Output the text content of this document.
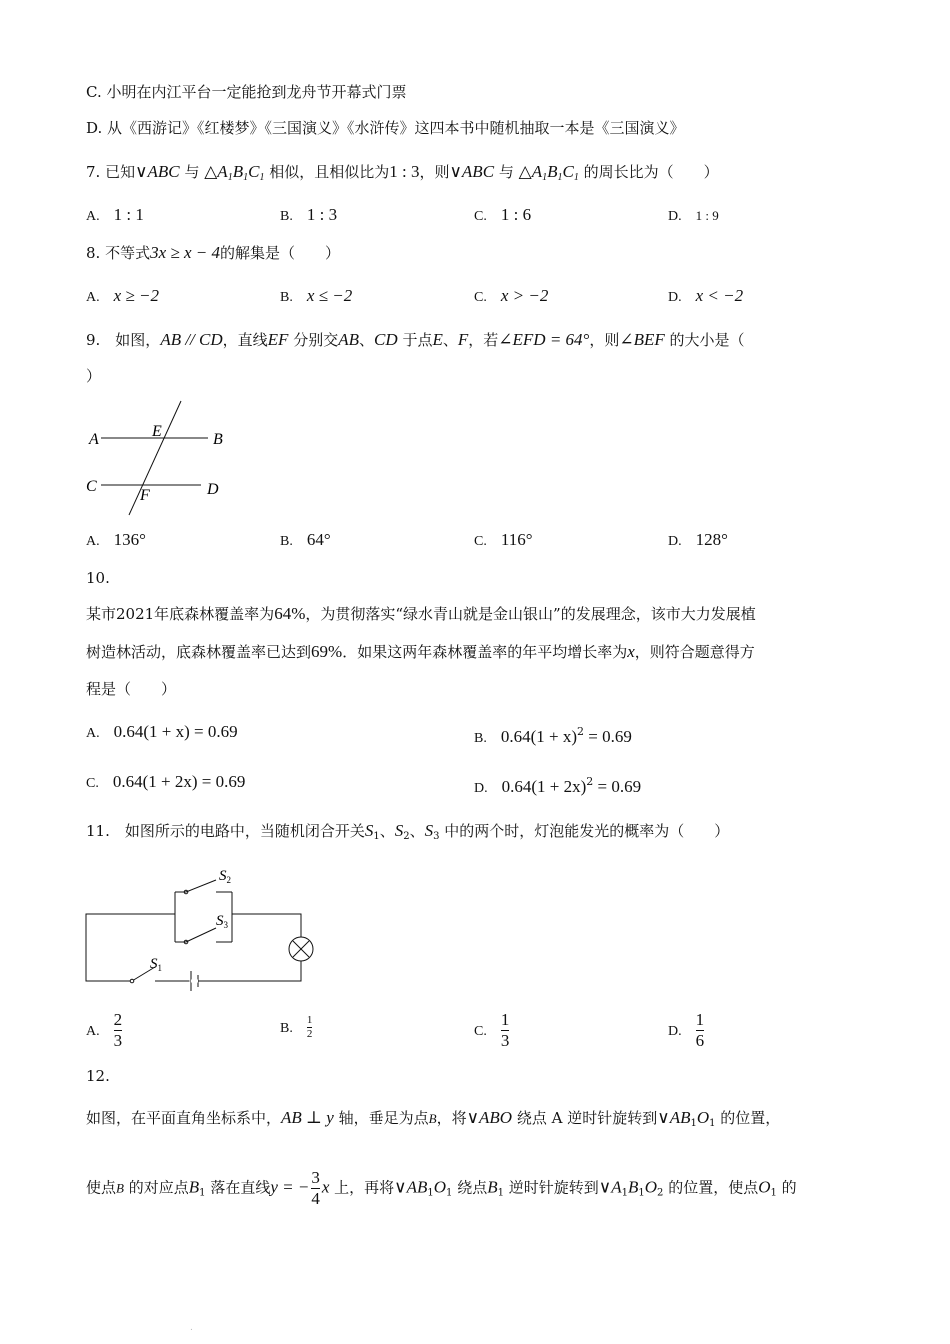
C. 小明在内江平台一定能抢到龙舟节开幕式门票
D. 从《西游记》《红楼梦》《三国演义》《水浒传》这四本书中随机抽取一本是《三国演义》
7. 已知∨ABC 与 $\triangle A_1B_1C_1$ 相似，且相似比为1 : 3，则∨ABC 与 $\triangle A_1B_1C_1$ 的周长比为（　　）
A. 1 : 1	B. 1 : 3	C. 1 : 6	D. 1 : 9
8. 不等式3x ≥ x − 4的解集是（　　）
A. x ≥ −2	B. x ≤ −2	C. x > −2	D. x < −2
9.　如图，AB // CD，直线EF 分别交AB、CD 于点E、F，若∠EFD = 64°，则∠BEF 的大小是（
）
A	E	B
C
F	D
A. 136°	B. 64°	C. 116°	D. 128°
10.
某市2021年底森林覆盖率为64%，为贯彻落实“绿水青山就是金山银山”的发展理念，该市大力发展植
树造林活动，底森林覆盖率已达到69%．如果这两年森林覆盖率的年平均增长率为x，则符合题意得方
程是（　　）
A. 0.64(1 + x) = 0.69	B. $0.64(1 + x)^2 = 0.69$
C. 0.64(1 + 2x) = 0.69	D. $0.64(1 + 2x)^2 = 0.69$
11.　如图所示的电路中，当随机闭合开关$S_1$、$S_2$、$S_3$ 中的两个时，灯泡能发光的概率为（　　）
$S_2$
$S_3$
$S_1$
A. $\frac{2}{3}$	B. $\frac{1}{2}$	C. $\frac{1}{3}$	D. $\frac{1}{6}$
12.
如图，在平面直角坐标系中，AB ⊥ y 轴，垂足为点B，将∨ABO 绕点 A 逆时针旋转到$\vee AB_1O_1$ 的位置，
使点B 的对应点$B_1$ 落在直线y = − $\frac{3}{4}$ x 上，再将$\vee AB_1O_1$ 绕点$B_1$ 逆时针旋转到$\vee A_1B_1O_2$ 的位置，使点$O_1$ 的
.
